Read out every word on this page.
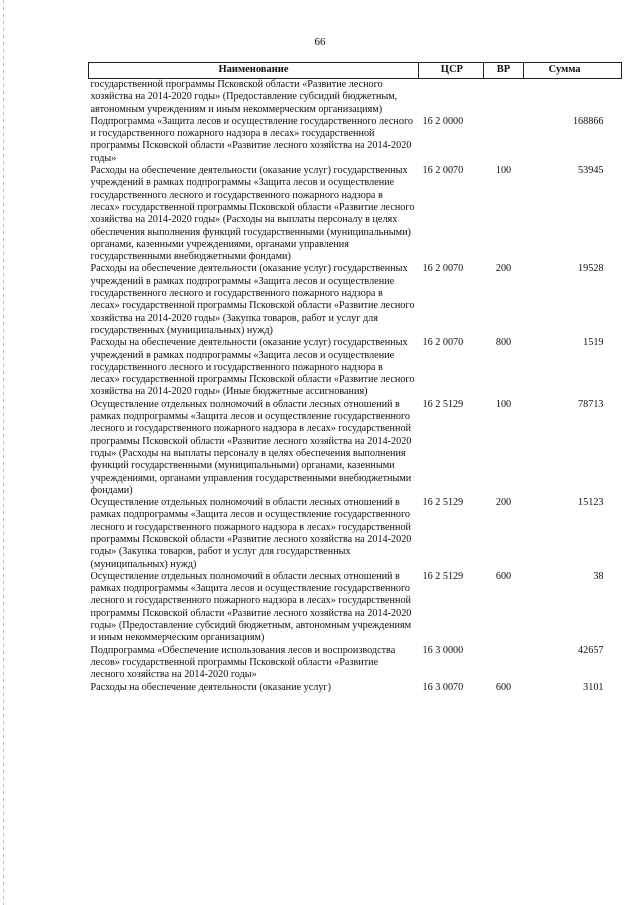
66
Наименование	ЦСР	ВР	Сумма
государственной программы Псковской области «Развитие лесного хозяйства на 2014-2020 годы» (Предоставление субсидий бюджетным, автономным учреждениям и иным некоммерческим организациям)			
Подпрограмма «Защита лесов и осуществление государственного лесного и государственного пожарного надзора в лесах» государственной программы Псковской области «Развитие лесного хозяйства на 2014-2020 годы»	16 2 0000		168866
Расходы на обеспечение деятельности (оказание услуг) государственных учреждений в рамках подпрограммы «Защита лесов и осуществление государственного лесного и государственного пожарного надзора в лесах» государственной программы Псковской области «Развитие лесного хозяйства на 2014-2020 годы» (Расходы на выплаты персоналу в целях обеспечения выполнения функций государственными (муниципальными) органами, казенными учреждениями, органами управления государственными внебюджетными фондами)	16 2 0070	100	53945
Расходы на обеспечение деятельности (оказание услуг) государственных учреждений в рамках подпрограммы «Защита лесов и осуществление государственного лесного и государственного пожарного надзора в лесах» государственной программы Псковской области «Развитие лесного хозяйства на 2014-2020 годы» (Закупка товаров, работ и услуг для государственных (муниципальных) нужд)	16 2 0070	200	19528
Расходы на обеспечение деятельности (оказание услуг) государственных учреждений в рамках подпрограммы «Защита лесов и осуществление государственного лесного и государственного пожарного надзора в лесах» государственной программы Псковской области «Развитие лесного хозяйства на 2014-2020 годы» (Иные бюджетные ассигнования)	16 2 0070	800	1519
Осуществление отдельных полномочий в области лесных отношений в рамках подпрограммы «Защита лесов и осуществление государственного лесного и государственного пожарного надзора в лесах» государственной программы Псковской области «Развитие лесного хозяйства на 2014-2020 годы» (Расходы на выплаты персоналу в целях обеспечения выполнения функций государственными (муниципальными) органами, казенными учреждениями, органами управления государственными внебюджетными фондами)	16 2 5129	100	78713
Осуществление отдельных полномочий в области лесных отношений в рамках подпрограммы «Защита лесов и осуществление государственного лесного и государственного пожарного надзора в лесах» государственной программы Псковской области «Развитие лесного хозяйства на 2014-2020 годы» (Закупка товаров, работ и услуг для государственных (муниципальных) нужд)	16 2 5129	200	15123
Осуществление отдельных полномочий в области лесных отношений в рамках подпрограммы «Защита лесов и осуществление государственного лесного и государственного пожарного надзора в лесах» государственной программы Псковской области «Развитие лесного хозяйства на 2014-2020 годы» (Предоставление субсидий бюджетным, автономным учреждениям и иным некоммерческим организациям)	16 2 5129	600	38
Подпрограмма «Обеспечение использования лесов и воспроизводства лесов» государственной программы Псковской области «Развитие лесного хозяйства на 2014-2020 годы»	16 3 0000		42657
Расходы на обеспечение деятельности (оказание услуг)	16 3 0070	600	3101
